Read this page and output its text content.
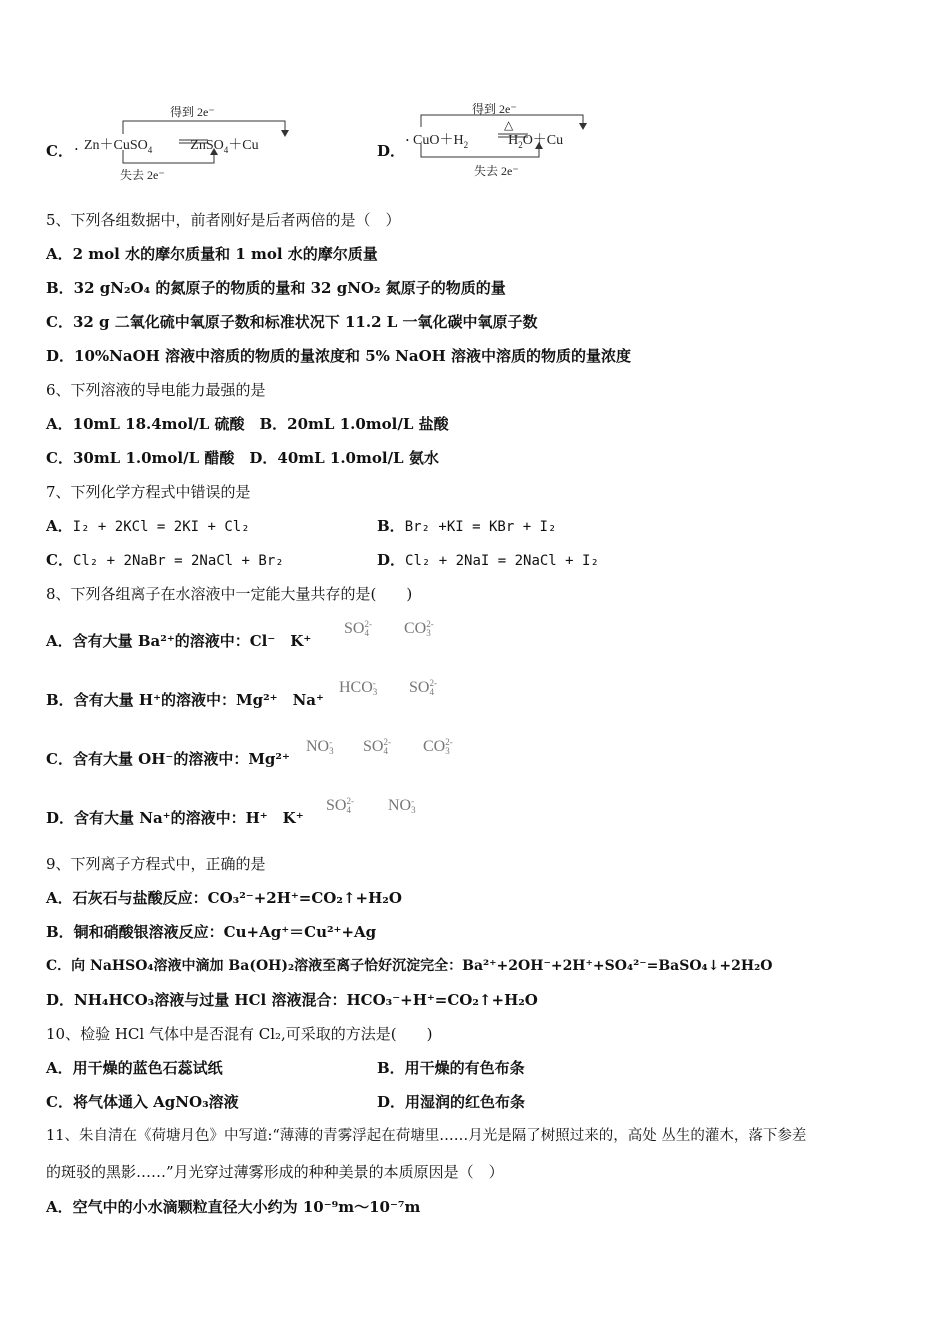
C． ·
得到 2e⁻
Zn＋CuSO$_4$	ZnSO$_4$＋Cu
失去 2e⁻
D．
·
得到 2e⁻
△
$CuO+H_2$	$H_2O+Cu$
失去 2e⁻
5、下列各组数据中，前者刚好是后者两倍的是（　）
A．2 mol 水的摩尔质量和 1 mol 水的摩尔质量
B．32 gN₂O₄ 的氮原子的物质的量和 32 gNO₂ 氮原子的物质的量
C．32 g 二氧化硫中氧原子数和标准状况下 11.2 L 一氧化碳中氧原子数
D．10%NaOH 溶液中溶质的物质的量浓度和 5% NaOH 溶液中溶质的物质的量浓度
6、下列溶液的导电能力最强的是
A．10mL 18.4mol/L 硫酸　B．20mL 1.0mol/L 盐酸
C．30mL 1.0mol/L 醋酸　D．40mL 1.0mol/L 氨水
7、下列化学方程式中错误的是
A．I₂ + 2KCl = 2KI + Cl₂	B．Br₂ +KI = KBr + I₂
C．Cl₂ + 2NaBr = 2NaCl + Br₂	D．Cl₂ + 2NaI = 2NaCl + I₂
8、下列各组离子在水溶液中一定能大量共存的是(　　)
A．含有大量 Ba²⁺的溶液中：Cl⁻　K⁺
SO 2-
4 CO 2-
3
B．含有大量 H⁺的溶液中：Mg²⁺　Na⁺
HCO -
3 SO 2-
4
C．含有大量 OH⁻的溶液中：Mg²⁺
NO -
3 SO 2-
4 CO 2-
3
D．含有大量 Na⁺的溶液中：H⁺　K⁺
SO 2-
4 NO -
3
9、下列离子方程式中，正确的是
A．石灰石与盐酸反应：CO₃²⁻+2H⁺=CO₂↑+H₂O
B．铜和硝酸银溶液反应：Cu+Ag⁺＝Cu²⁺+Ag
C．向 NaHSO₄溶液中滴加 Ba(OH)₂溶液至离子恰好沉淀完全：Ba²⁺+2OH⁻+2H⁺+SO₄²⁻=BaSO₄↓+2H₂O
D．NH₄HCO₃溶液与过量 HCl 溶液混合：HCO₃⁻+H⁺=CO₂↑+H₂O
10、检验 HCl 气体中是否混有 Cl₂,可采取的方法是(　　)
A．用干燥的蓝色石蕊试纸	B．用干燥的有色布条
C．将气体通入 AgNO₃溶液	D．用湿润的红色布条
11、朱自清在《荷塘月色》中写道:“薄薄的青雾浮起在荷塘里……月光是隔了树照过来的，高处 丛生的灌木，落下参差
的斑驳的黑影……”月光穿过薄雾形成的种种美景的本质原因是（　）
A．空气中的小水滴颗粒直径大小约为 10⁻⁹m～10⁻⁷m
